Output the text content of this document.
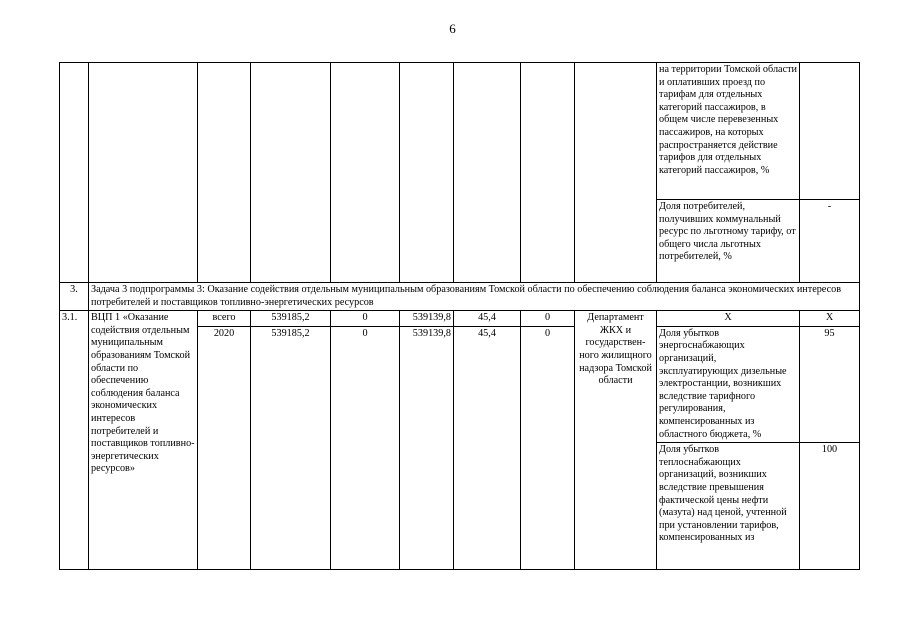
6
									на территории Томской области и оплативших проезд по тарифам для отдельных категорий пассажиров, в общем числе перевезенных пассажиров, на которых распространяется действие тарифов для отдельных категорий пассажиров, %	
									Доля потребителей, получивших коммунальный ресурс по льготному тарифу, от общего числа льготных потребителей, %	-
3.	Задача 3 подпрограммы 3: Оказание содействия отдельным муниципальным образованиям Томской области по обеспечению соблюдения баланса экономических интересов потребителей и поставщиков топливно-энергетических ресурсов									
3.1.	ВЦП 1 «Оказание содействия отдельным муниципальным образованиям Томской области по обеспечению соблюдения баланса экономических интересов потребителей и поставщиков топливно-энергетических ресурсов»	всего	539185,2	0	539139,8	45,4	0	Департамент ЖКХ и государствен-ного жилищного надзора Томской области	Х	Х
		2020	539185,2	0	539139,8	45,4	0		Доля убытков энергоснабжающих организаций, эксплуатирующих дизельные электростанции, возникших вследствие тарифного регулирования, компенсированных из областного бюджета, %	95
									Доля убытков теплоснабжающих организаций, возникших вследствие превышения фактической цены нефти (мазута) над ценой, учтенной при установлении тарифов, компенсированных из	100
